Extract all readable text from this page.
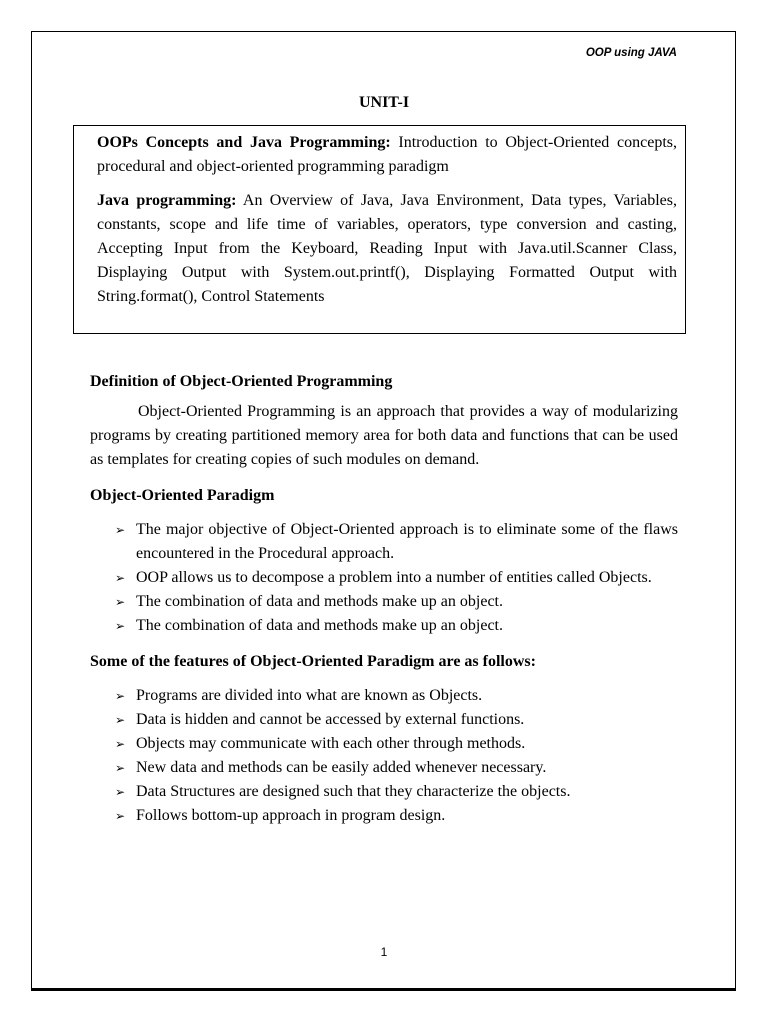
OOP using JAVA
UNIT-I

OOPs Concepts and Java Programming: Introduction to Object-Oriented concepts, procedural and object-oriented programming paradigm

Java programming: An Overview of Java, Java Environment, Data types, Variables, constants, scope and life time of variables, operators, type conversion and casting, Accepting Input from the Keyboard, Reading Input with Java.util.Scanner Class, Displaying Output with System.out.printf(), Displaying Formatted Output with String.format(), Control Statements

Definition of Object-Oriented Programming

Object-Oriented Programming is an approach that provides a way of modularizing programs by creating partitioned memory area for both data and functions that can be used as templates for creating copies of such modules on demand.

Object-Oriented Paradigm

➢ The major objective of Object-Oriented approach is to eliminate some of the flaws encountered in the Procedural approach.
➢ OOP allows us to decompose a problem into a number of entities called Objects.
➢ The combination of data and methods make up an object.
➢ The combination of data and methods make up an object.

Some of the features of Object-Oriented Paradigm are as follows:

➢ Programs are divided into what are known as Objects.
➢ Data is hidden and cannot be accessed by external functions.
➢ Objects may communicate with each other through methods.
➢ New data and methods can be easily added whenever necessary.
➢ Data Structures are designed such that they characterize the objects.
➢ Follows bottom-up approach in program design.
1
